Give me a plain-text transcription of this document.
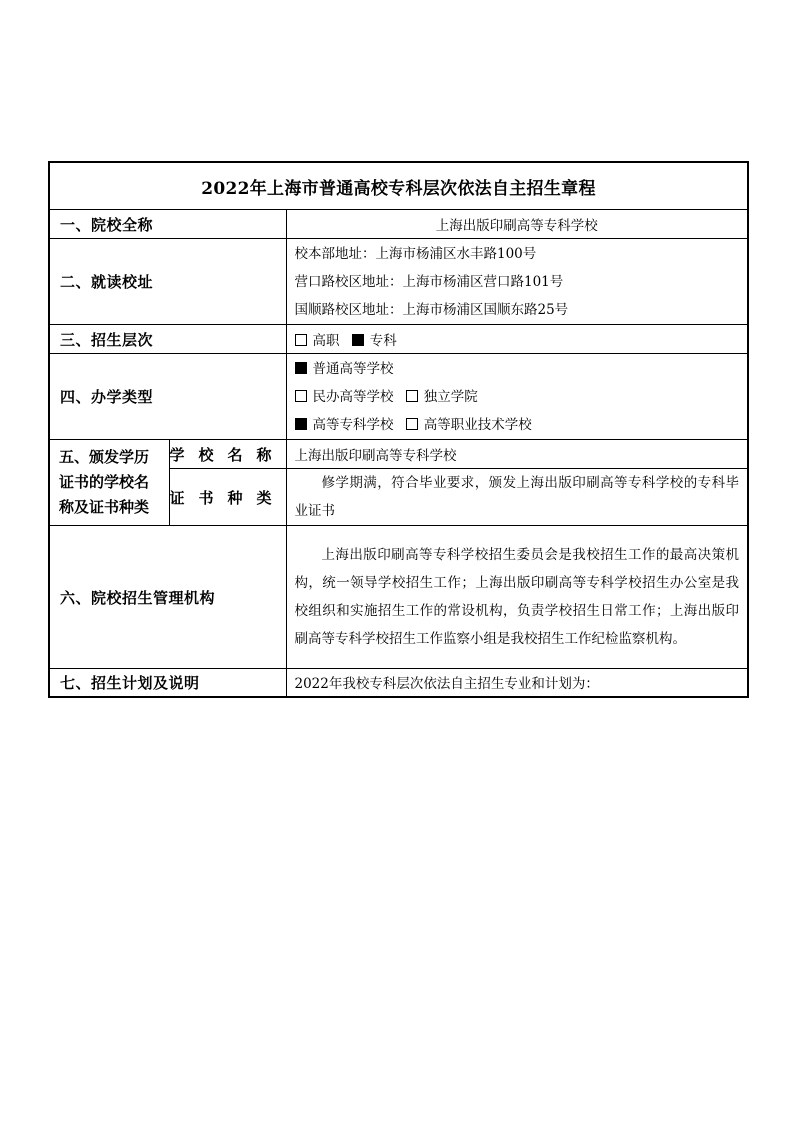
2022年上海市普通高校专科层次依法自主招生章程		
一、院校全称		上海出版印刷高等专科学校
二、就读校址		校本部地址：上海市杨浦区水丰路100号
营口路校区地址：上海市杨浦区营口路101号
国顺路校区地址：上海市杨浦区国顺东路25号

三、招生层次		高职 专科
四、办学类型		普通高等学校
民办高等学校 独立学院
高等专科学校 高等职业技术学校

五、颁发学历
证书的学校名
称及证书种类	学校名称	上海出版印刷高等专科学校
	证书种类	修学期满，符合毕业要求，颁发上海出版印刷高等专科学校的专科毕业证书
六、院校招生管理机构		上海出版印刷高等专科学校招生委员会是我校招生工作的最高决策机构，统一领导学校招生工作；上海出版印刷高等专科学校招生办公室是我校组织和实施招生工作的常设机构，负责学校招生日常工作；上海出版印刷高等专科学校招生工作监察小组是我校招生工作纪检监察机构。
七、招生计划及说明		2022年我校专科层次依法自主招生专业和计划为：
